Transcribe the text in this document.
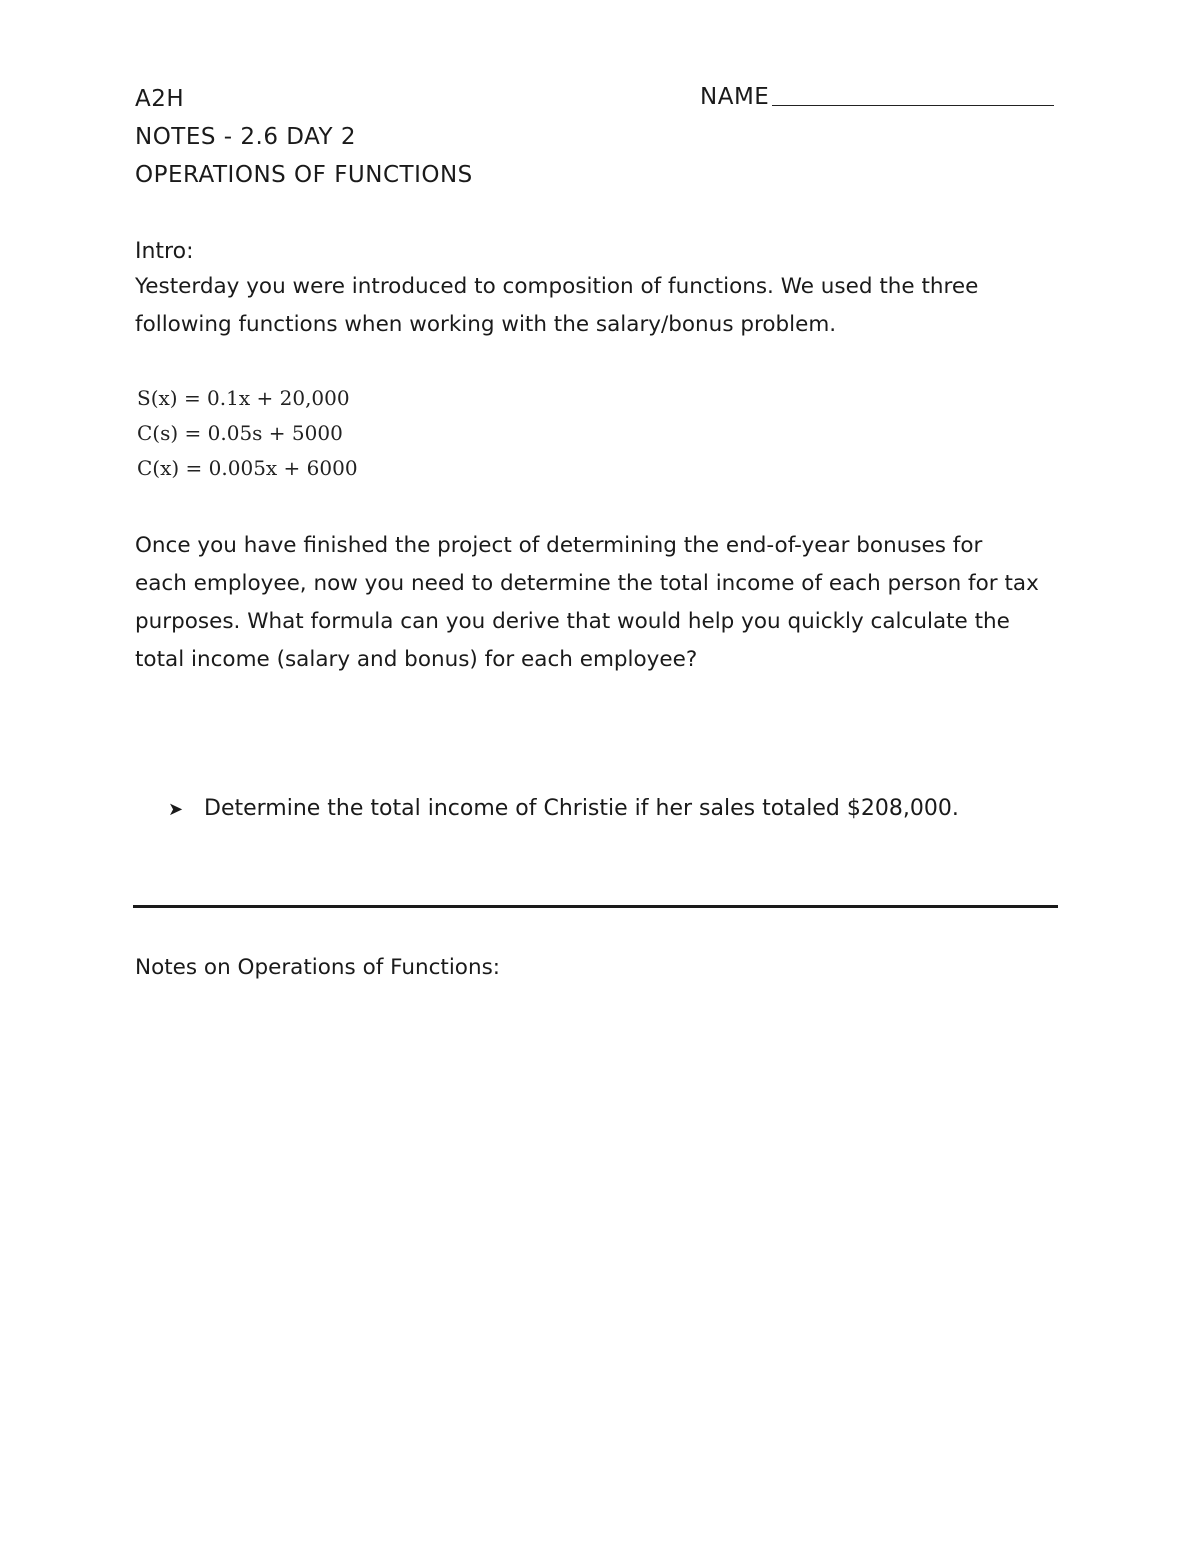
A2H
NOTES - 2.6 DAY 2
OPERATIONS OF FUNCTIONS
NAME
Intro:
Yesterday you were introduced to composition of functions. We used the three
following functions when working with the salary/bonus problem.
S(x) = 0.1x + 20,000
C(s) = 0.05s + 5000
C(x) = 0.005x + 6000
Once you have finished the project of determining the end-of-year bonuses for
each employee, now you need to determine the total income of each person for tax
purposes. What formula can you derive that would help you quickly calculate the
total income (salary and bonus) for each employee?
➤ Determine the total income of Christie if her sales totaled $208,000.
Notes on Operations of Functions:
